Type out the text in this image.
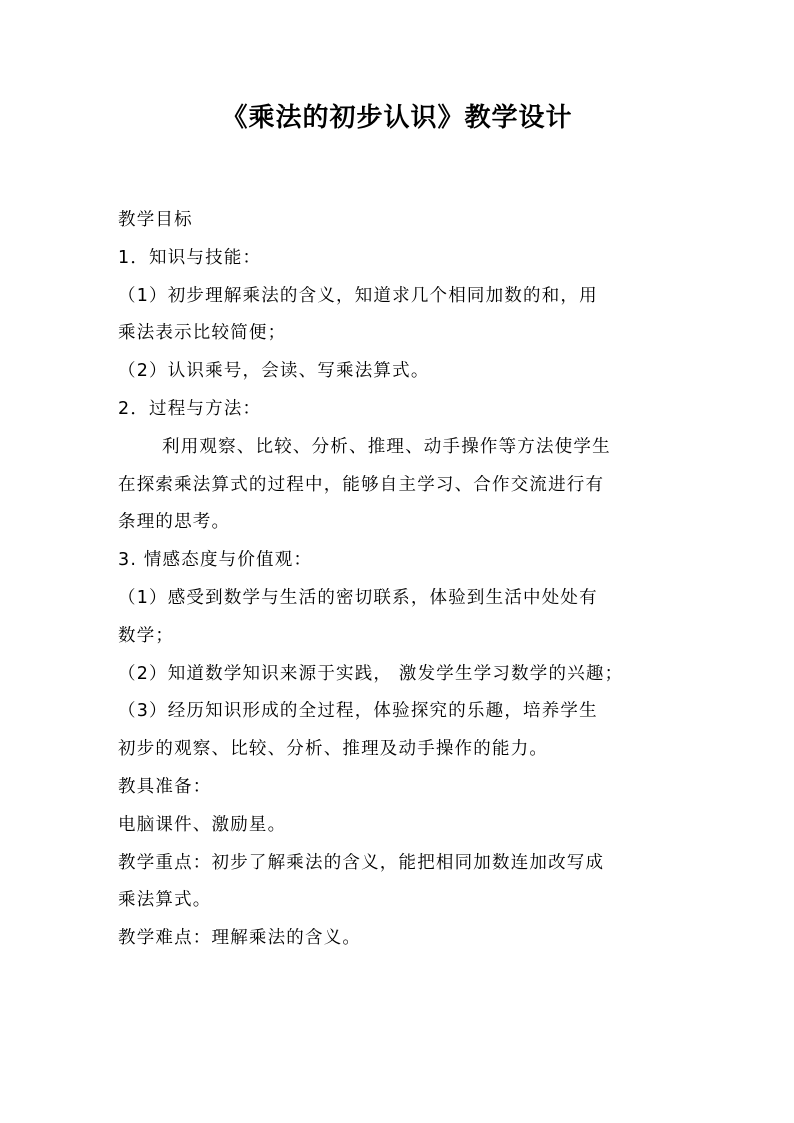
《乘法的初步认识》教学设计
教学目标
1．知识与技能：
（1）初步理解乘法的含义，知道求几个相同加数的和，用
乘法表示比较简便；
（2）认识乘号，会读、写乘法算式。
2．过程与方法：
利用观察、比较、分析、推理、动手操作等方法使学生
在探索乘法算式的过程中，能够自主学习、合作交流进行有
条理的思考。
3. 情感态度与价值观：
（1）感受到数学与生活的密切联系，体验到生活中处处有
数学；
（2）知道数学知识来源于实践， 激发学生学习数学的兴趣；
（3）经历知识形成的全过程，体验探究的乐趣，培养学生
初步的观察、比较、分析、推理及动手操作的能力。
教具准备：
电脑课件、激励星。
教学重点：初步了解乘法的含义，能把相同加数连加改写成
乘法算式。
教学难点：理解乘法的含义。
